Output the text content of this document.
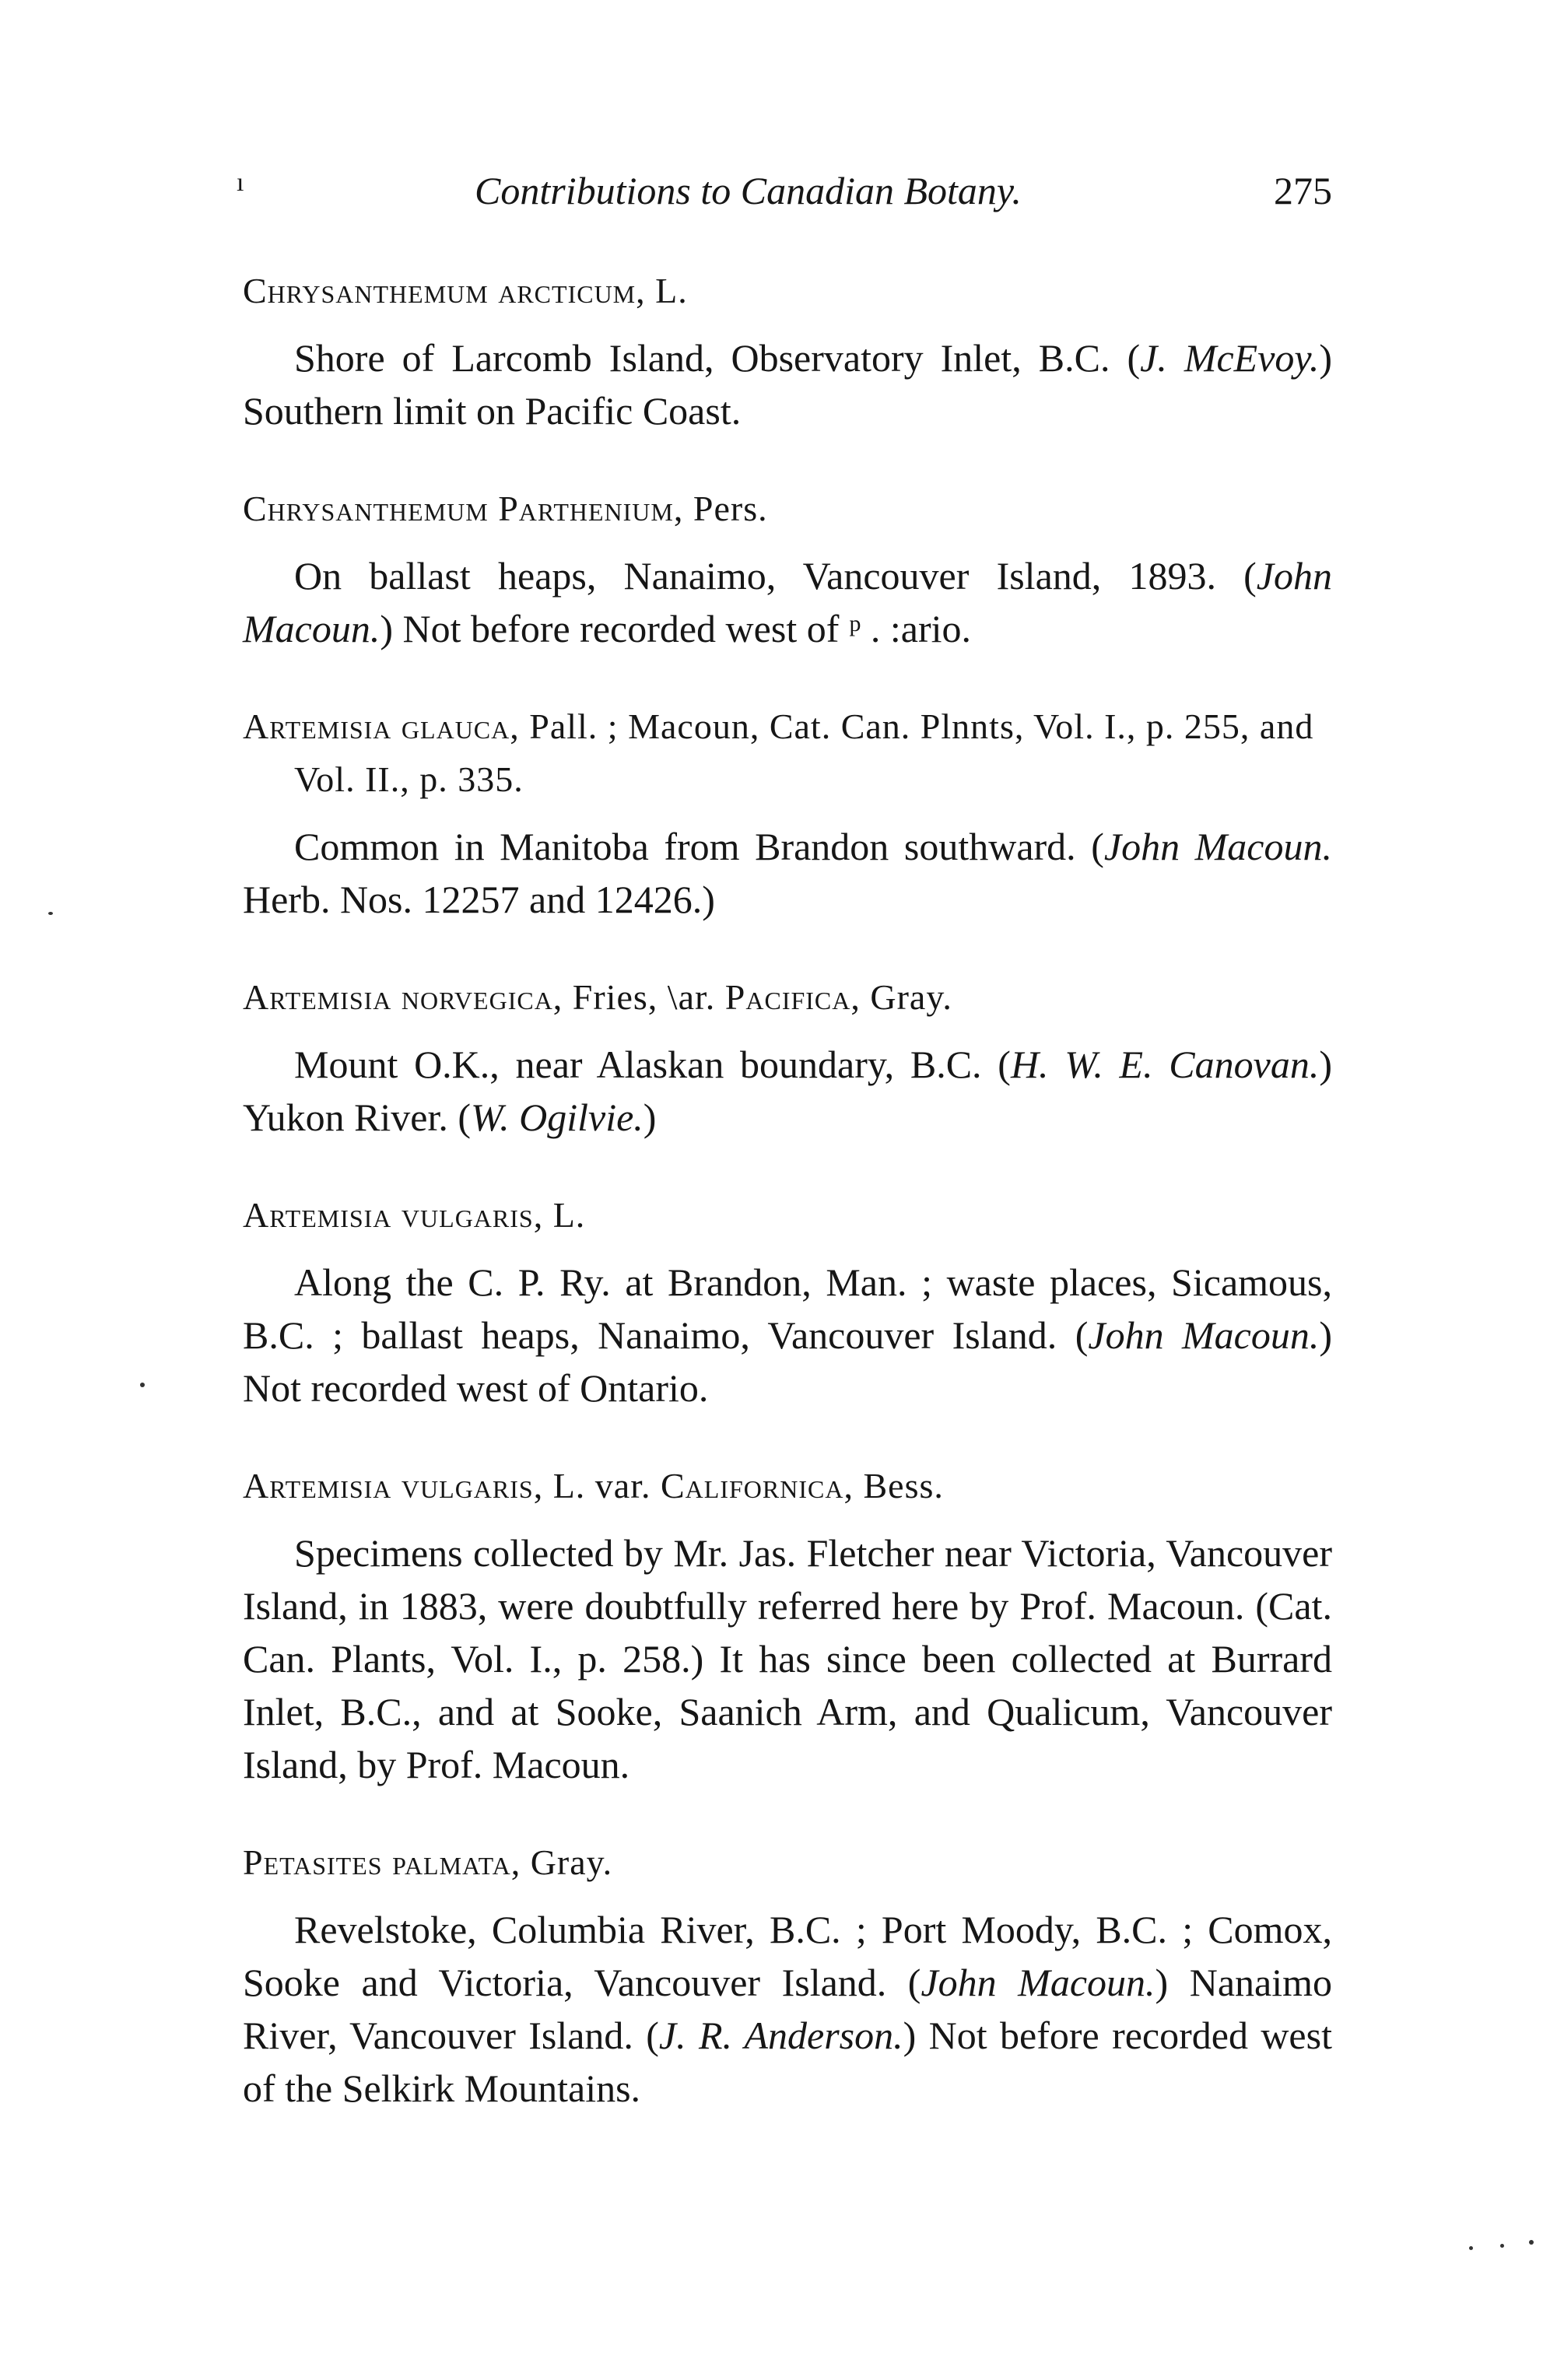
ı	Contributions to Canadian Botany.	275

Chrysanthemum arcticum, L.

Shore of Larcomb Island, Observatory Inlet, B.C. (J. McEvoy.) Southern limit on Pacific Coast.

Chrysanthemum Parthenium, Pers.

On ballast heaps, Nanaimo, Vancouver Island, 1893. (John Macoun.) Not before recorded west of ᵖ . :ario.

Artemisia glauca, Pall. ; Macoun, Cat. Can. Plnnts, Vol. I., p. 255, and Vol. II., p. 335.

Common in Manitoba from Brandon southward. (John Macoun. Herb. Nos. 12257 and 12426.)

Artemisia norvegica, Fries, \ar. Pacifica, Gray.

Mount O.K., near Alaskan boundary, B.C. (H. W. E. Canovan.) Yukon River. (W. Ogilvie.)

Artemisia vulgaris, L.

Along the C. P. Ry. at Brandon, Man. ; waste places, Sicamous, B.C. ; ballast heaps, Nanaimo, Vancouver Island. (John Macoun.) Not recorded west of Ontario.

Artemisia vulgaris, L. var. Californica, Bess.

Specimens collected by Mr. Jas. Fletcher near Victoria, Vancouver Island, in 1883, were doubtfully referred here by Prof. Macoun. (Cat. Can. Plants, Vol. I., p. 258.) It has since been collected at Burrard Inlet, B.C., and at Sooke, Saanich Arm, and Qualicum, Vancouver Island, by Prof. Macoun.

Petasites palmata, Gray.

Revelstoke, Columbia River, B.C. ; Port Moody, B.C. ; Comox, Sooke and Victoria, Vancouver Island. (John Macoun.) Nanaimo River, Vancouver Island. (J. R. Anderson.) Not before recorded west of the Selkirk Mountains.
